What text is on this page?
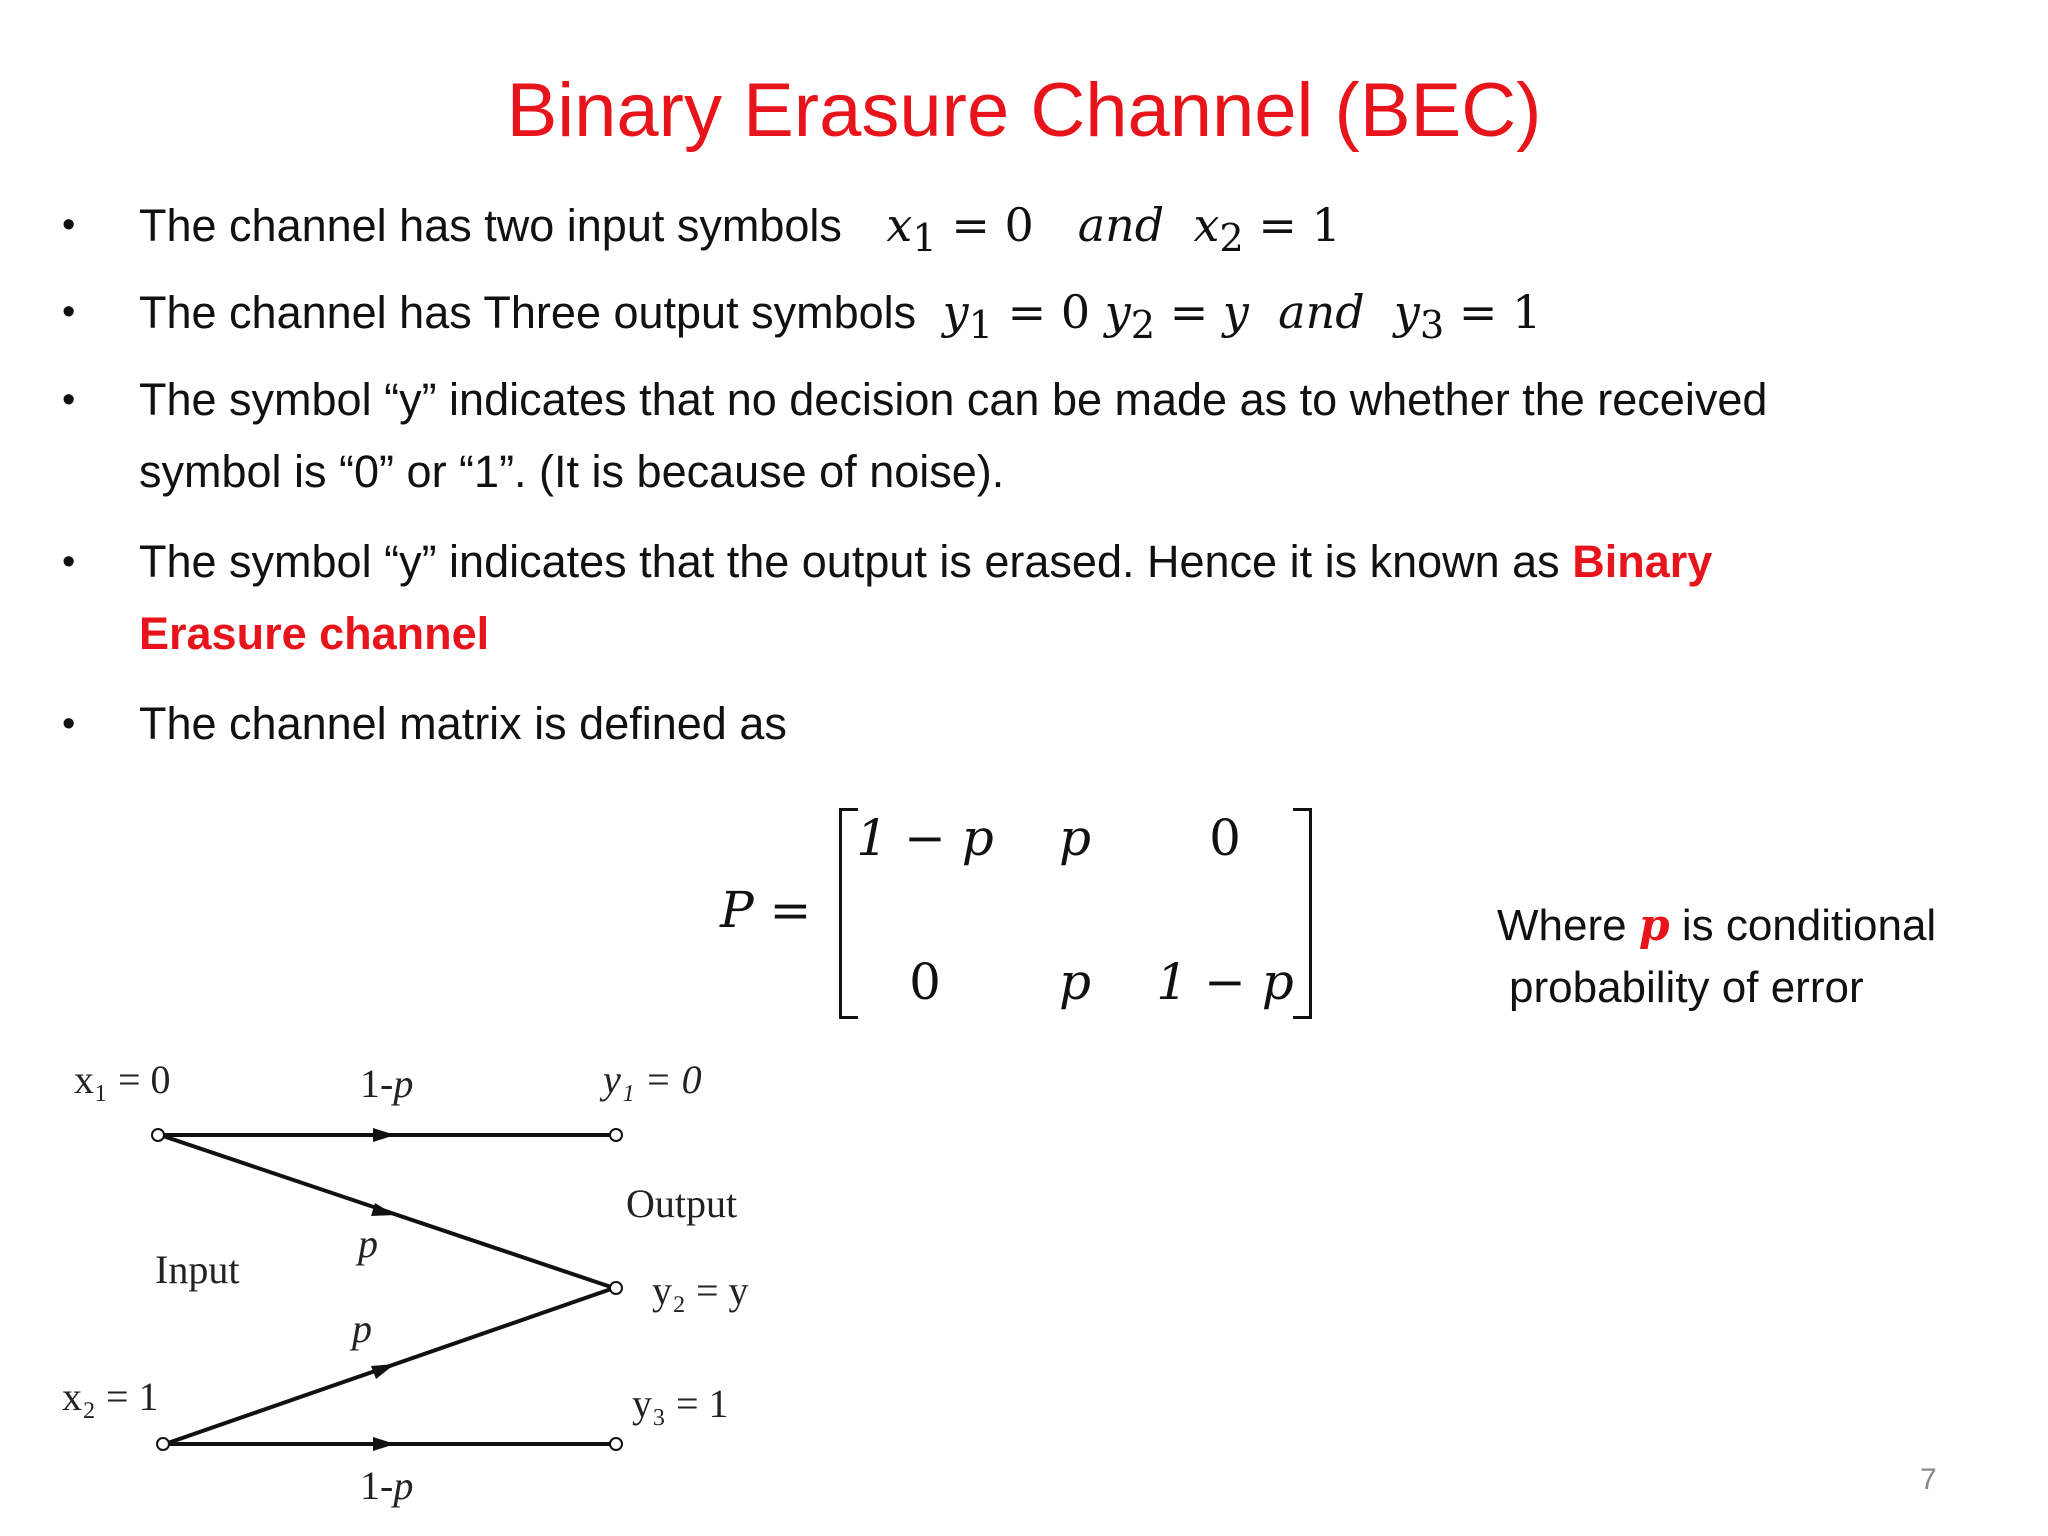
Binary Erasure Channel (BEC)
• The channel has two input symbols $x_1 = 0$ and $x_2 = 1$
• The channel has Three output symbols $y_1 = 0$ $y_2 = y$ and $y_3 = 1$
• The symbol “y” indicates that no decision can be made as to whether the received
symbol is “0” or “1”. (It is because of noise).
• The symbol “y” indicates that the output is erased. Hence it is known as Binary
Erasure channel
• The channel matrix is defined as
P =
1 − p	p	0
0	p	1 − p
Where p is conditional
probability of error
x₁ = 0
x₂ = 1
y₁ = 0
y₂ = y
y₃ = 1
Input
Output
1-p
1-p
p
p
7
